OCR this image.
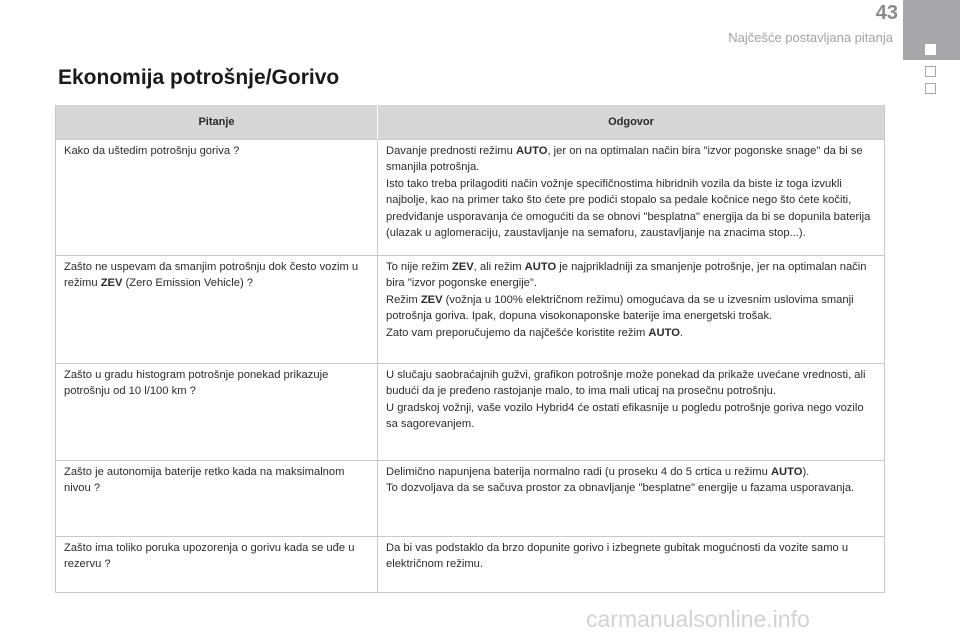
43
Najčešće postavljana pitanja
Ekonomija potrošnje/Gorivo
Pitanje	Odgovor

Kako da uštedim potrošnju goriva ?	Davanje prednosti režimu AUTO, jer on na optimalan način bira "izvor pogonske snage" da bi se smanjila potrošnja.

Isto tako treba prilagoditi način vožnje specifičnostima hibridnih vozila da biste iz toga izvukli najbolje, kao na primer tako što ćete pre podići stopalo sa pedale kočnice nego što ćete kočiti, predviđanje usporavanja će omogućiti da se obnovi "besplatna" energija da bi se dopunila baterija (ulazak u aglomeraciju, zaustavljanje na semaforu, zaustavljanje na znacima stop...).

Zašto ne uspevam da smanjim potrošnju dok često vozim u režimu ZEV (Zero Emission Vehicle) ?

To nije režim ZEV, ali režim AUTO je najprikladniji za smanjenje potrošnje, jer na optimalan način bira "izvor pogonske energije".

Režim ZEV (vožnja u 100% električnom režimu) omogućava da se u izvesnim uslovima smanji potrošnja goriva. Ipak, dopuna visokonaponske baterije ima energetski trošak.

Zato vam preporučujemo da najčešće koristite režim AUTO.

Zašto u gradu histogram potrošnje ponekad prikazuje potrošnju od 10 l/100 km ?

U slučaju saobraćajnih gužvi, grafikon potrošnje može ponekad da prikaže uvećane vrednosti, ali budući da je pređeno rastojanje malo, to ima mali uticaj na prosečnu potrošnju.

U gradskoj vožnji, vaše vozilo Hybrid4 će ostati efikasnije u pogledu potrošnje goriva nego vozilo sa sagorevanjem.

Zašto je autonomija baterije retko kada na maksimalnom nivou ?

Delimično napunjena baterija normalno radi (u proseku 4 do 5 crtica u režimu AUTO).

To dozvoljava da se sačuva prostor za obnavljanje "besplatne" energije u fazama usporavanja.

Zašto ima toliko poruka upozorenja o gorivu kada se uđe u rezervu ?

Da bi vas podstaklo da brzo dopunite gorivo i izbegnete gubitak mogućnosti da vozite samo u električnom režimu.

carmanualsonline.info
